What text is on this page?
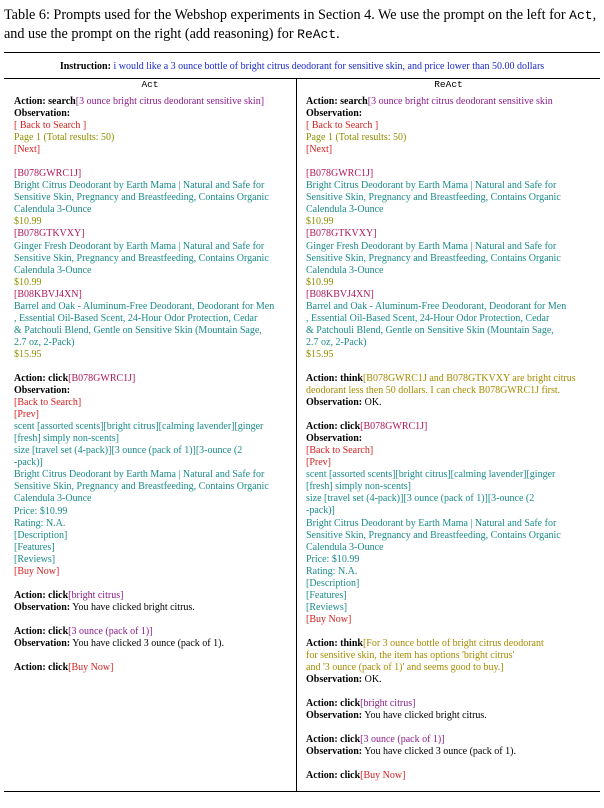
Table 6: Prompts used for the Webshop experiments in Section 4. We use the prompt on the left for Act, and use the prompt on the right (add reasoning) for ReAct.
Instruction: i would like a 3 ounce bottle of bright citrus deodorant for sensitive skin, and price lower than 50.00 dollars
Act	ReAct
Action: search[3 ounce bright citrus deodorant sensitive skin]
Observation:
[ Back to Search ]
Page 1 (Total results: 50)
[Next]
[B078GWRC1J]
Bright Citrus Deodorant by Earth Mama | Natural and Safe for
Sensitive Skin, Pregnancy and Breastfeeding, Contains Organic
Calendula 3-Ounce
$10.99
[B078GTKVXY]
Ginger Fresh Deodorant by Earth Mama | Natural and Safe for
Sensitive Skin, Pregnancy and Breastfeeding, Contains Organic
Calendula 3-Ounce
$10.99
[B08KBVJ4XN]
Barrel and Oak - Aluminum-Free Deodorant, Deodorant for Men
, Essential Oil-Based Scent, 24-Hour Odor Protection, Cedar
& Patchouli Blend, Gentle on Sensitive Skin (Mountain Sage,
2.7 oz, 2-Pack)
$15.95
Action: click[B078GWRC1J]
Observation:
[Back to Search]
[Prev]
scent [assorted scents][bright citrus][calming lavender][ginger
[fresh] simply non-scents]
size [travel set (4-pack)][3 ounce (pack of 1)][3-ounce (2
-pack)]
Bright Citrus Deodorant by Earth Mama | Natural and Safe for
Sensitive Skin, Pregnancy and Breastfeeding, Contains Organic
Calendula 3-Ounce
Price: $10.99
Rating: N.A.
[Description]
[Features]
[Reviews]
[Buy Now]
Action: click[bright citrus]
Observation: You have clicked bright citrus.
Action: click[3 ounce (pack of 1)]
Observation: You have clicked 3 ounce (pack of 1).
Action: click[Buy Now]
Action: search[3 ounce bright citrus deodorant sensitive skin
Observation:
[ Back to Search ]
Page 1 (Total results: 50)
[Next]
[B078GWRC1J]
Bright Citrus Deodorant by Earth Mama | Natural and Safe for
Sensitive Skin, Pregnancy and Breastfeeding, Contains Organic
Calendula 3-Ounce
$10.99
[B078GTKVXY]
Ginger Fresh Deodorant by Earth Mama | Natural and Safe for
Sensitive Skin, Pregnancy and Breastfeeding, Contains Organic
Calendula 3-Ounce
$10.99
[B08KBVJ4XN]
Barrel and Oak - Aluminum-Free Deodorant, Deodorant for Men
, Essential Oil-Based Scent, 24-Hour Odor Protection, Cedar
& Patchouli Blend, Gentle on Sensitive Skin (Mountain Sage,
2.7 oz, 2-Pack)
$15.95
Action: think[B078GWRC1J and B078GTKVXY are bright citrus
deodorant less then 50 dollars. I can check B078GWRC1J first.
Observation: OK.
Action: click[B078GWRC1J]
Observation:
[Back to Search]
[Prev]
scent [assorted scents][bright citrus][calming lavender][ginger
[fresh] simply non-scents]
size [travel set (4-pack)][3 ounce (pack of 1)][3-ounce (2
-pack)]
Bright Citrus Deodorant by Earth Mama | Natural and Safe for
Sensitive Skin, Pregnancy and Breastfeeding, Contains Organic
Calendula 3-Ounce
Price: $10.99
Rating: N.A.
[Description]
[Features]
[Reviews]
[Buy Now]
Action: think[For 3 ounce bottle of bright citrus deodorant
for sensitive skin, the item has options 'bright citrus'
and '3 ounce (pack of 1)' and seems good to buy.]
Observation: OK.
Action: click[bright citrus]
Observation: You have clicked bright citrus.
Action: click[3 ounce (pack of 1)]
Observation: You have clicked 3 ounce (pack of 1).
Action: click[Buy Now]
